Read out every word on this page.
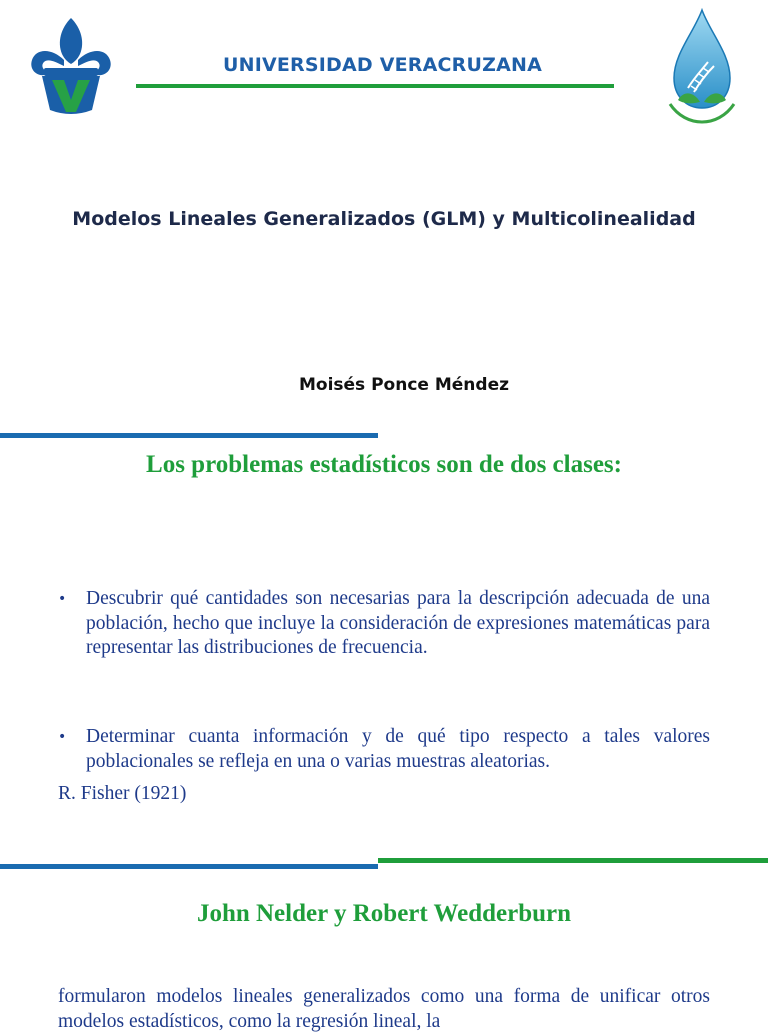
UNIVERSIDAD VERACRUZANA
Modelos Lineales Generalizados (GLM) y Multicolinealidad
Moisés Ponce Méndez
Los problemas estadísticos son de dos clases:
•	Descubrir qué cantidades son necesarias para la descripción adecuada de una población, hecho que incluye la consideración de expresiones matemáticas para representar las distribuciones de frecuencia.
•	Determinar cuanta información y de qué tipo respecto a tales valores poblacionales se refleja en una o varias muestras aleatorias.
R. Fisher (1921)
John Nelder y Robert Wedderburn
formularon modelos lineales generalizados como una forma de unificar otros modelos estadísticos, como la regresión lineal, la
